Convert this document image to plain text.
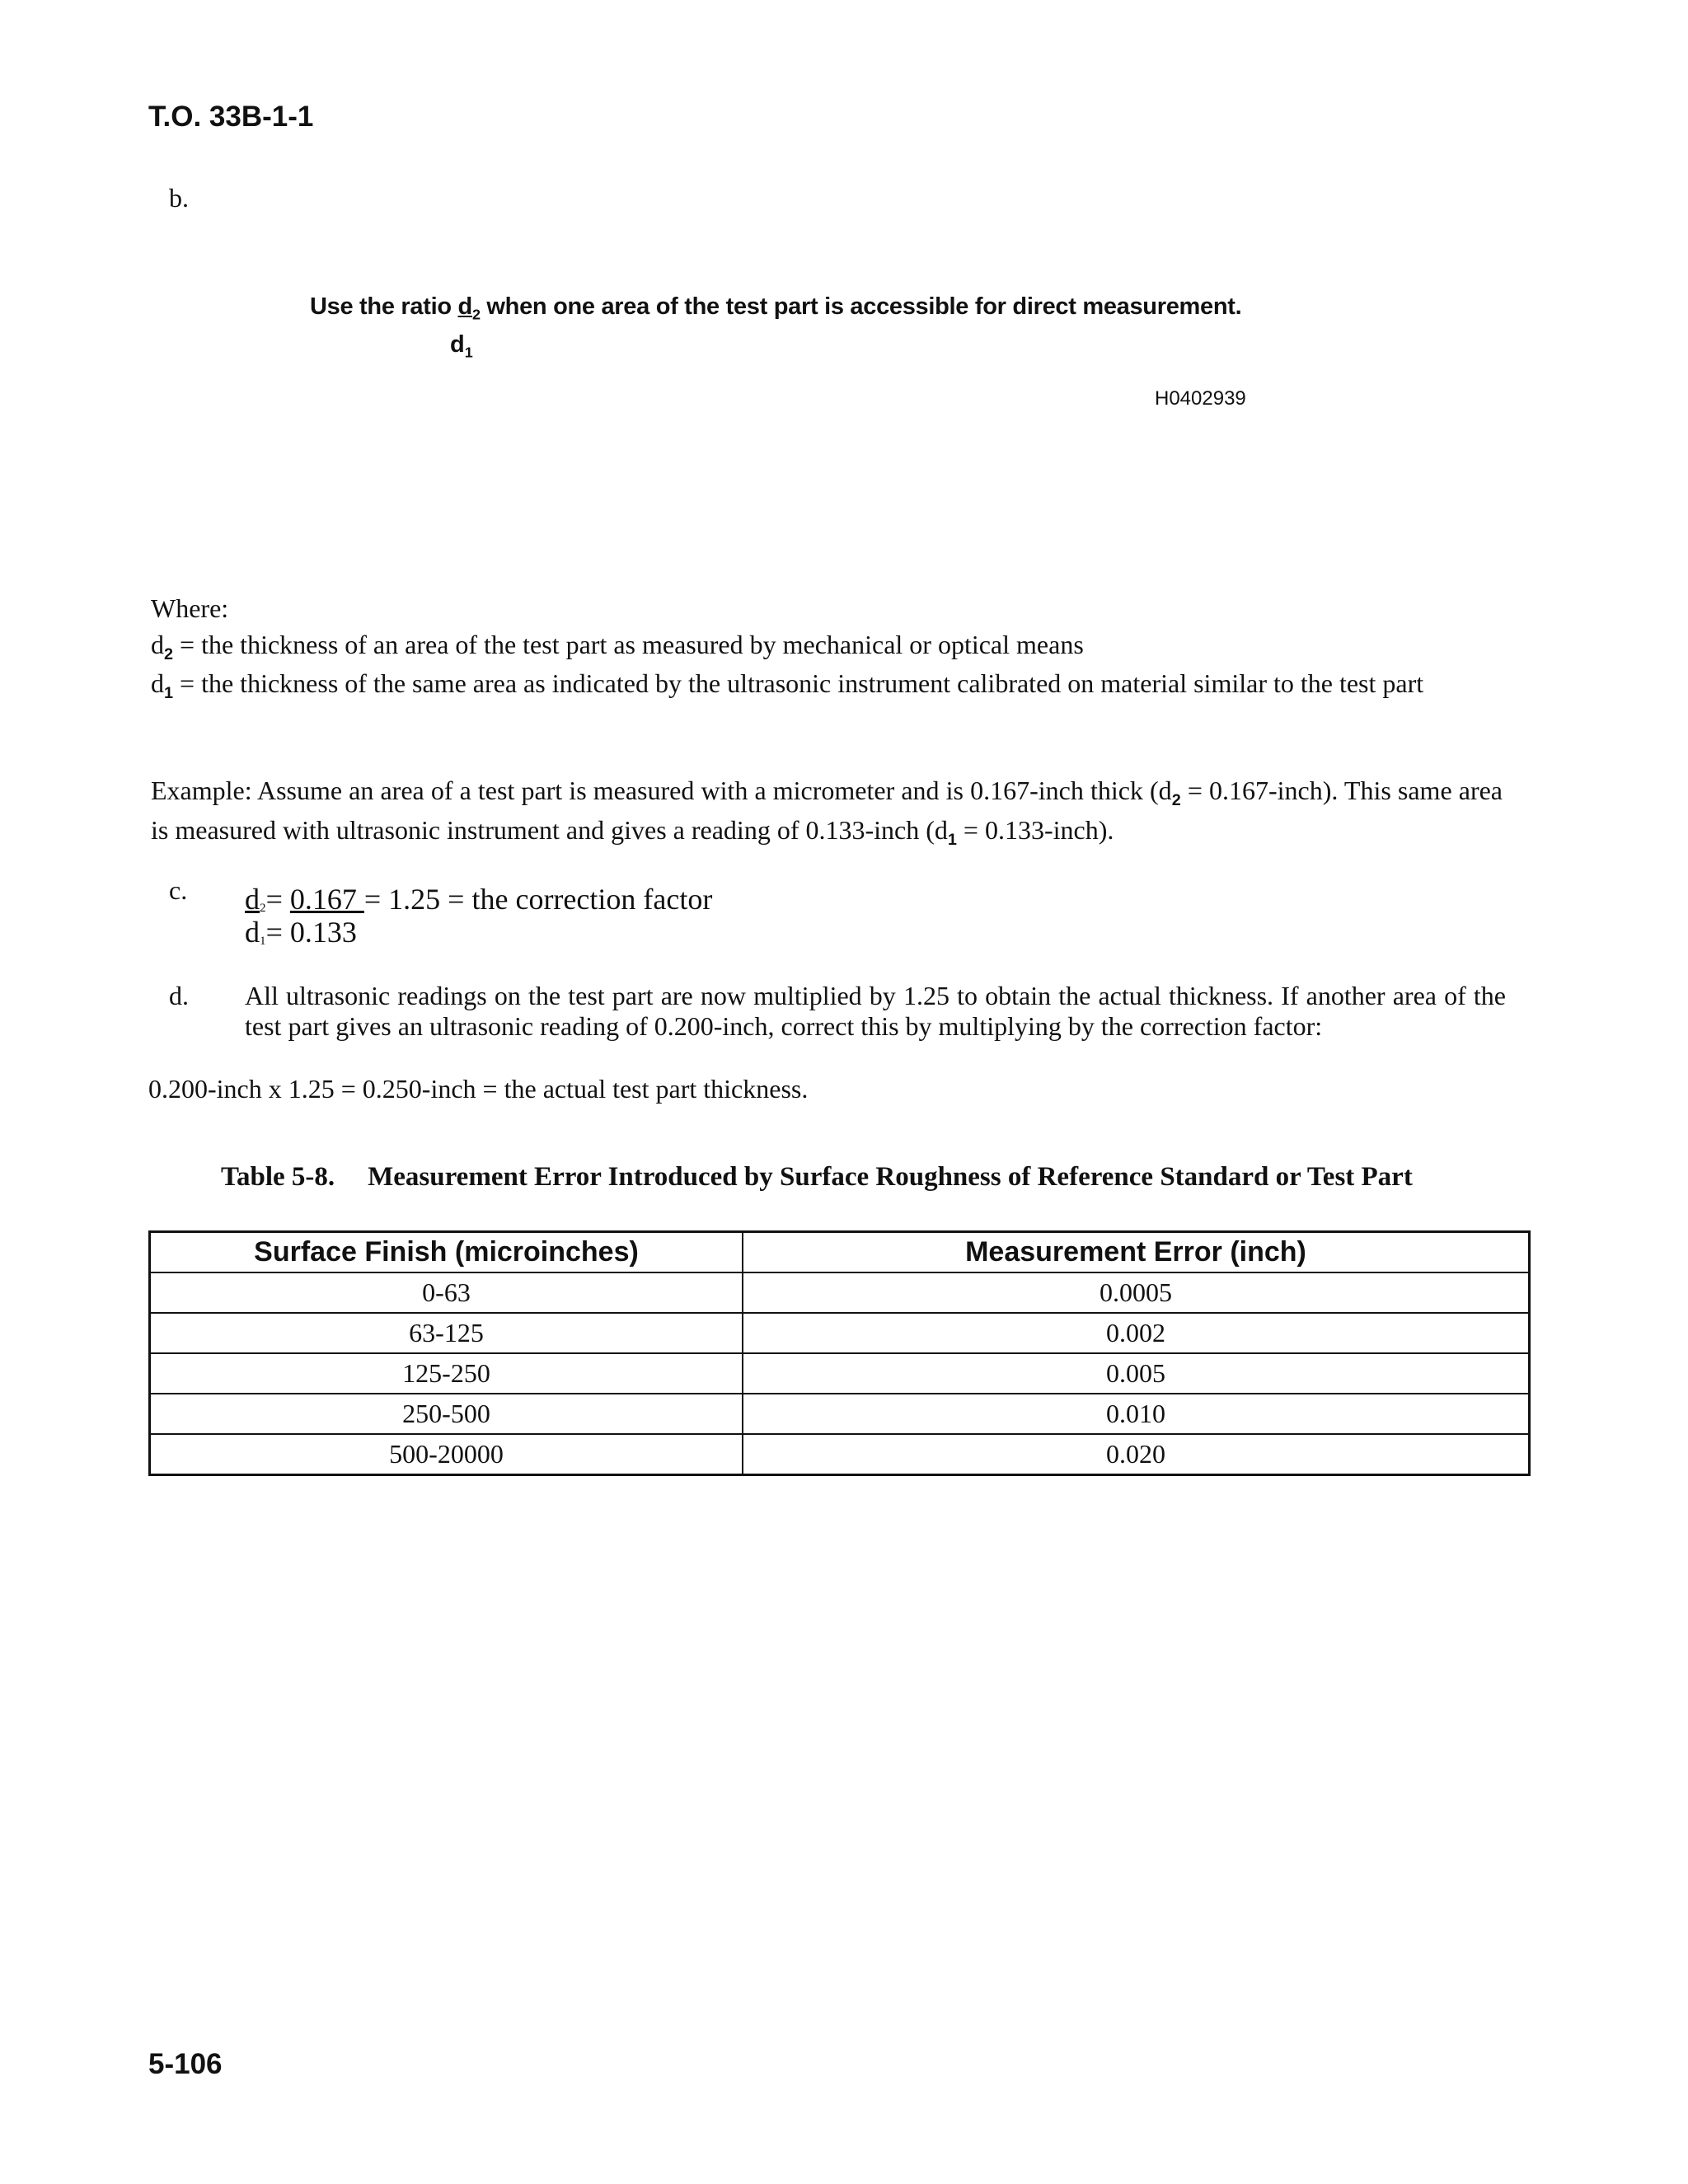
T.O. 33B-1-1
b.
Use the ratio $d_2$ when one area of the test part is accessible for direct measurement.
$d_1$
H0402939
Where:
$d_2$ = the thickness of an area of the test part as measured by mechanical or optical means
$d_1$ = the thickness of the same area as indicated by the ultrasonic instrument calibrated on material similar to the test part
Example: Assume an area of a test part is measured with a micrometer and is 0.167-inch thick ($d_2$ = 0.167-inch). This same area is measured with ultrasonic instrument and gives a reading of 0.133-inch ($d_1$ = 0.133-inch).
c. $d_2= 0.167 = 1.25$ = the correction factor
$d_1= 0.133$
d. All ultrasonic readings on the test part are now multiplied by 1.25 to obtain the actual thickness. If another area of the test part gives an ultrasonic reading of 0.200-inch, correct this by multiplying by the correction factor:
0.200-inch x 1.25 = 0.250-inch = the actual test part thickness.
Table 5-8. Measurement Error Introduced by Surface Roughness of Reference Standard or Test Part
Surface Finish (microinches)	Measurement Error (inch)
0-63	0.0005
63-125	0.002
125-250	0.005
250-500	0.010
500-20000	0.020
5-106
